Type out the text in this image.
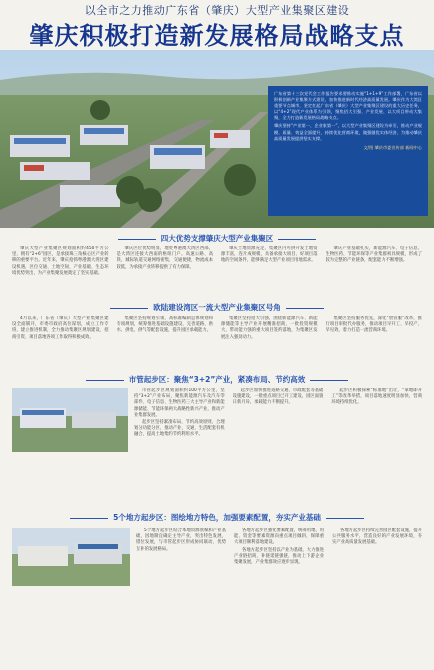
以全市之力推动广东省（肇庆）大型产业集聚区建设
肇庆积极打造新发展格局战略支点

广东省第十三次党代会工作报告要求要推动实施“1+1+9”工作部署，广东省以积极创新产业集聚方式建设，加快推进新时代经济高质量发展。肇庆作为大湾区重要节点城市，坚定扛起广东省（肇庆）大型产业集聚区建设的重大历史任务，以“4+2”现代产业体系为引领，聚焦招大引强、产业发展、以大项目带动大集聚，全力打造新发展格局战略支点。

肇庆坚持“产业第一、企业家第一”，以大型产业集聚区建设为牵引，推动产业规模、质量、效益全面提升，持续优化营商环境，做强做优实体经济，为推动肇庆高质量发展提供坚实支撑。

文/图 肇庆市委宣传部 新闻中心
四大优势支撑肇庆大型产业集聚区

肇庆大型产业集聚区规划面积约450平方公里，拥有“2+6”园区，是承接珠三角核心区产业转移的重要平台。近年来，肇庆抢抓粤港澳大湾区建设机遇，区位交通、土地空间、产业基础、生态环境优势突出，为产业集聚发展奠定了坚实基础。

肇庆区位优势明显，地处粤港澳大湾区西部，是大湾区连接大西南的枢纽门户。高速公路、高铁、城际轨道交通网络密集，交通便捷，物流成本较低，为承接产业转移提供了有力保障。

肇庆土地资源充足，集聚区内可供开发土地资源丰富，连片成规模，具备承接大项目、好项目落地的空间条件，能够满足大型产业项目用地需求。

肇庆产业基础扎实，新能源汽车、电子信息、生物医药、节能环保等产业集群初具规模，形成了较为完整的产业链条，配套能力不断增强。

欧陆建设湾区一流大型产业集聚区号角

4月以来，广东省（肇庆）大型产业集聚区建设全面铺开，市委市政府高位谋划，成立工作专班，建立推进机制，全力推动集聚区规划建设、招商引资、项目落地各项工作取得积极成效。

集聚区坚持规划引领，高标准编制总体规划和专项规划，统筹推进基础设施建设，完善道路、供水、供电、供气等配套设施，提升园区承载能力。

集聚区坚持招大引强，围绕新能源汽车、新能源储能等主导产业开展精准招商，一批投资规模大、带动能力强的重大项目签约落地，为集聚区发展注入强劲动力。

集聚区坚持服务优先，深化“放管服”改革，推行项目审批代办服务，推动项目早开工、早投产、早见效，着力打造一流营商环境。

市管起步区：聚焦“3+2”产业，紧凑布局、节约高效

市管起步区规划面积约100平方公里，坚持“3+2”产业布局，聚焦新能源汽车及汽车零部件、电子信息、生物医药三大主导产业和新能源储能、节能环保两大战略性新兴产业，推动产业集群发展。

起步区坚持紧凑布局、节约高效原则，合理划分功能分区，推动产业、交通、生活配套有机融合，提高土地集约节约利用水平。

起步区加快推进道路交通、市政配套等基础设施建设，一批重点项目已开工建设，园区面貌日新月异，承载能力不断提升。

起步区积极探索“标准地”出让、“拿地即开工”等改革举措，项目落地速度明显加快，营商环境持续优化。

5个地方起步区：图绘地方特色，加强要素配置，夯实产业基础

5个地方起步区结合本地资源禀赋和产业基础，因地制宜确定主导产业，突出特色发展，错位发展，与市管起步区形成协同联动、优势互补的发展格局。

各地方起步区强化要素配置，统筹用地、用能、资金等要素资源向重点项目倾斜，保障重大项目顺利落地建设。

各地方起步区坚持以产业为基础，大力推进产业链招商，补链延链强链，推动上下游企业集聚发展，产业集群效应逐步显现。

各地方起步区持续完善园区配套设施，提升公共服务水平，营造良好的产业发展环境，夯实产业高质量发展基础。
